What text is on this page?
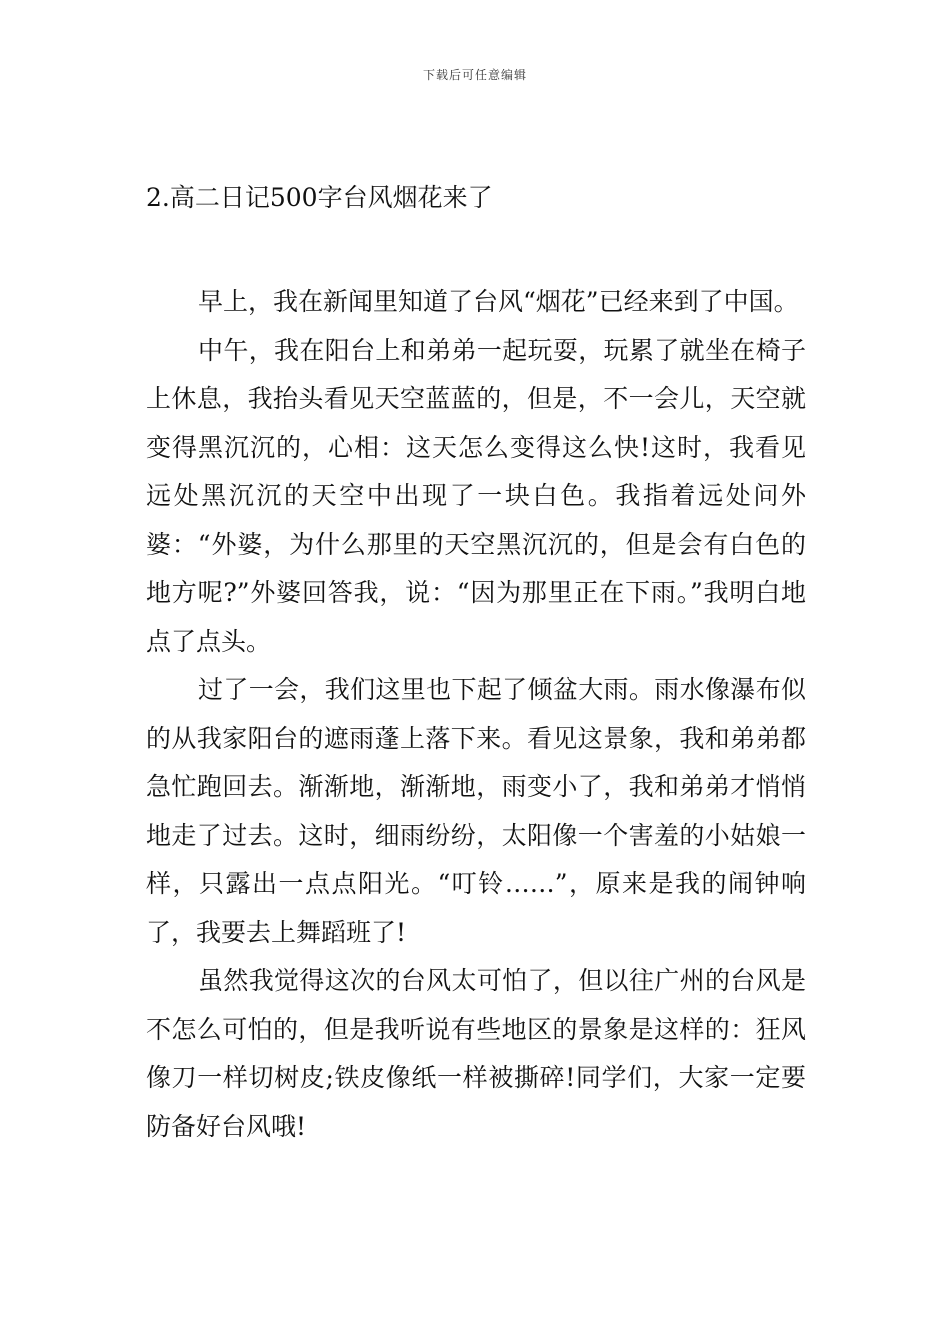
下载后可任意编辑
2.高二日记500字台风烟花来了

早上，我在新闻里知道了台风“烟花”已经来到了中国。

中午，我在阳台上和弟弟一起玩耍，玩累了就坐在椅子上休息，我抬头看见天空蓝蓝的，但是，不一会儿，天空就变得黑沉沉的，心相：这天怎么变得这么快!这时，我看见远处黑沉沉的天空中出现了一块白色。我指着远处问外婆：“外婆，为什么那里的天空黑沉沉的，但是会有白色的地方呢?”外婆回答我，说：“因为那里正在下雨。”我明白地点了点头。

过了一会，我们这里也下起了倾盆大雨。雨水像瀑布似的从我家阳台的遮雨蓬上落下来。看见这景象，我和弟弟都急忙跑回去。渐渐地，渐渐地，雨变小了，我和弟弟才悄悄地走了过去。这时，细雨纷纷，太阳像一个害羞的小姑娘一样，只露出一点点阳光。“叮铃……”，原来是我的闹钟响了，我要去上舞蹈班了!

虽然我觉得这次的台风太可怕了，但以往广州的台风是不怎么可怕的，但是我听说有些地区的景象是这样的：狂风像刀一样切树皮;铁皮像纸一样被撕碎!同学们，大家一定要防备好台风哦!
